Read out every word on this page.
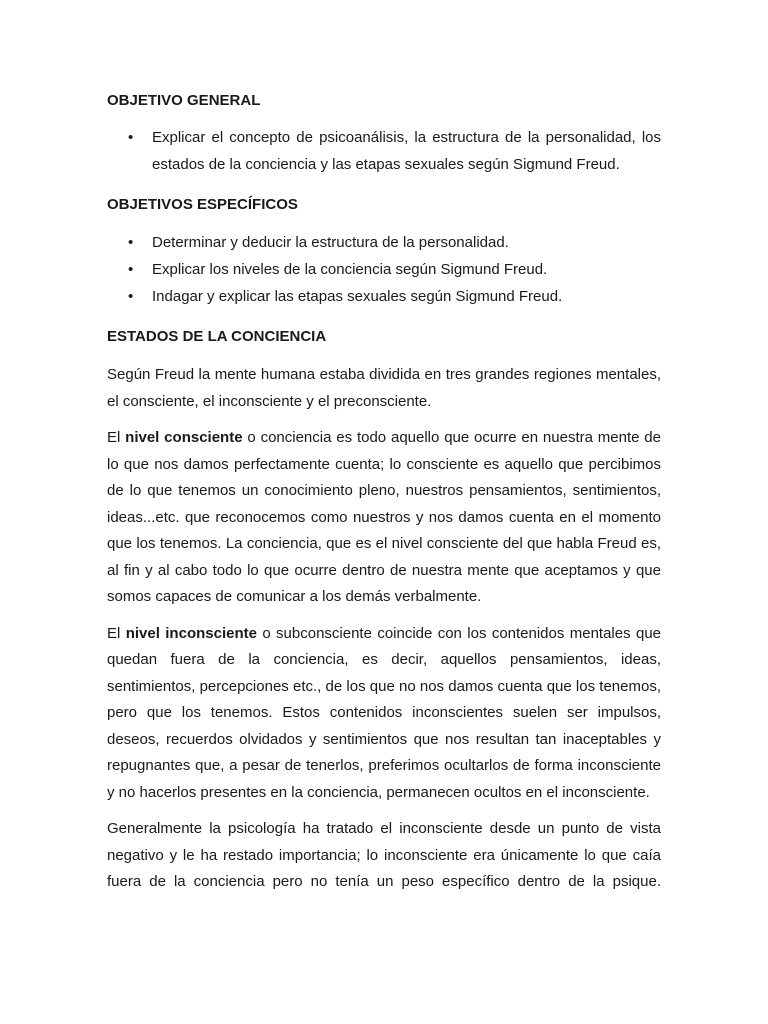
OBJETIVO GENERAL
• Explicar el concepto de psicoanálisis, la estructura de la personalidad, los estados de la conciencia y las etapas sexuales según Sigmund Freud.
OBJETIVOS ESPECÍFICOS
• Determinar y deducir la estructura de la personalidad.
• Explicar los niveles de la conciencia según Sigmund Freud.
• Indagar y explicar las etapas sexuales según Sigmund Freud.
ESTADOS DE LA CONCIENCIA

Según Freud la mente humana estaba dividida en tres grandes regiones mentales, el consciente, el inconsciente y el preconsciente.

El nivel consciente o conciencia es todo aquello que ocurre en nuestra mente de lo que nos damos perfectamente cuenta; lo consciente es aquello que percibimos de lo que tenemos un conocimiento pleno, nuestros pensamientos, sentimientos, ideas...etc. que reconocemos como nuestros y nos damos cuenta en el momento que los tenemos. La conciencia, que es el nivel consciente del que habla Freud es, al fin y al cabo todo lo que ocurre dentro de nuestra mente que aceptamos y que somos capaces de comunicar a los demás verbalmente.

El nivel inconsciente o subconsciente coincide con los contenidos mentales que quedan fuera de la conciencia, es decir, aquellos pensamientos, ideas, sentimientos, percepciones etc., de los que no nos damos cuenta que los tenemos, pero que los tenemos. Estos contenidos inconscientes suelen ser impulsos, deseos, recuerdos olvidados y sentimientos que nos resultan tan inaceptables y repugnantes que, a pesar de tenerlos, preferimos ocultarlos de forma inconsciente y no hacerlos presentes en la conciencia, permanecen ocultos en el inconsciente.

Generalmente la psicología ha tratado el inconsciente desde un punto de vista negativo y le ha restado importancia; lo inconsciente era únicamente lo que caía fuera de la conciencia pero no tenía un peso específico dentro de la psique.
